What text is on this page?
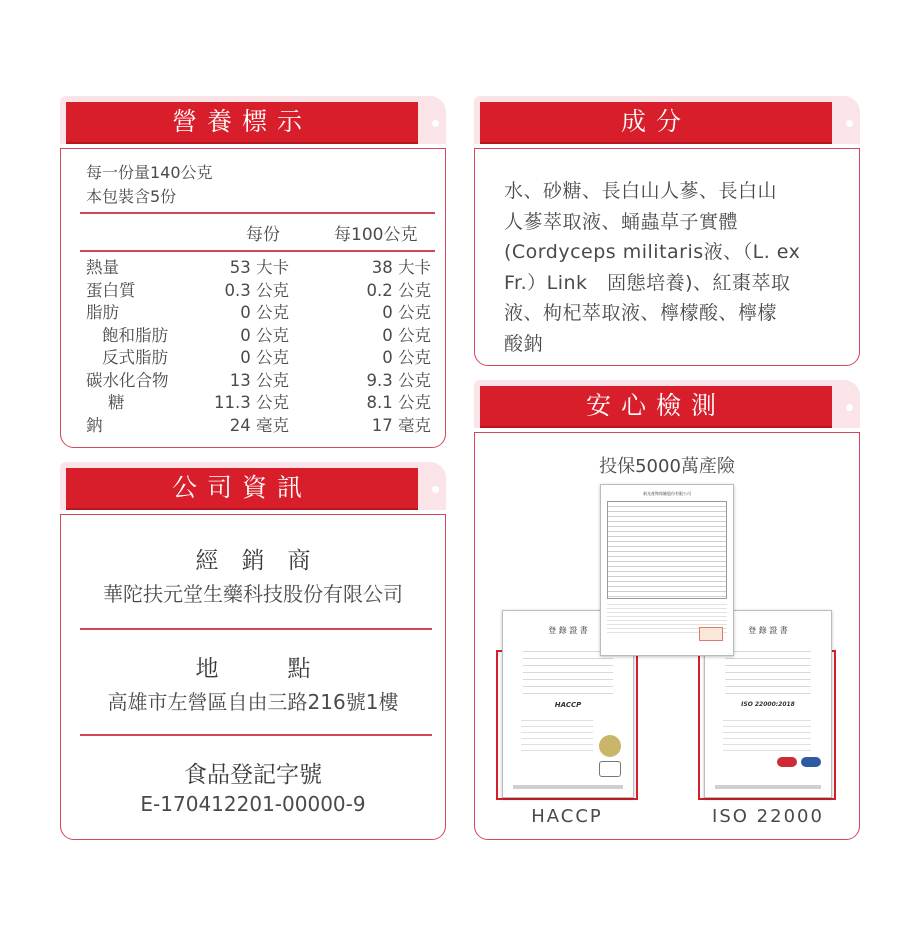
營養標示
每一份量140公克
本包裝含5份
每份	每100公克
熱量	53 大卡	38 大卡
蛋白質	0.3 公克	0.2 公克
脂肪	0 公克	0 公克
飽和脂肪	0 公克	0 公克
反式脂肪	0 公克	0 公克
碳水化合物	13 公克	9.3 公克
糖	11.3 公克	8.1 公克
鈉	24 毫克	17 毫克
成分
水、砂糖、長白山人蔘、長白山
人蔘萃取液、蛹蟲草子實體
(Cordyceps militaris液、（L. ex
Fr.）Link　固態培養)、紅棗萃取
液、枸杞萃取液、檸檬酸、檸檬
酸鈉
公司資訊
經　銷　商
華陀扶元堂生藥科技股份有限公司
地　　　點
高雄市左營區自由三路216號1樓
食品登記字號
E-170412201-00000-9
安心檢測
投保5000萬產險
登 錄 證 書
HACCP
登 錄 證 書
ISO 22000:2018
新光產物保險股份有限公司
HACCP	ISO 22000
